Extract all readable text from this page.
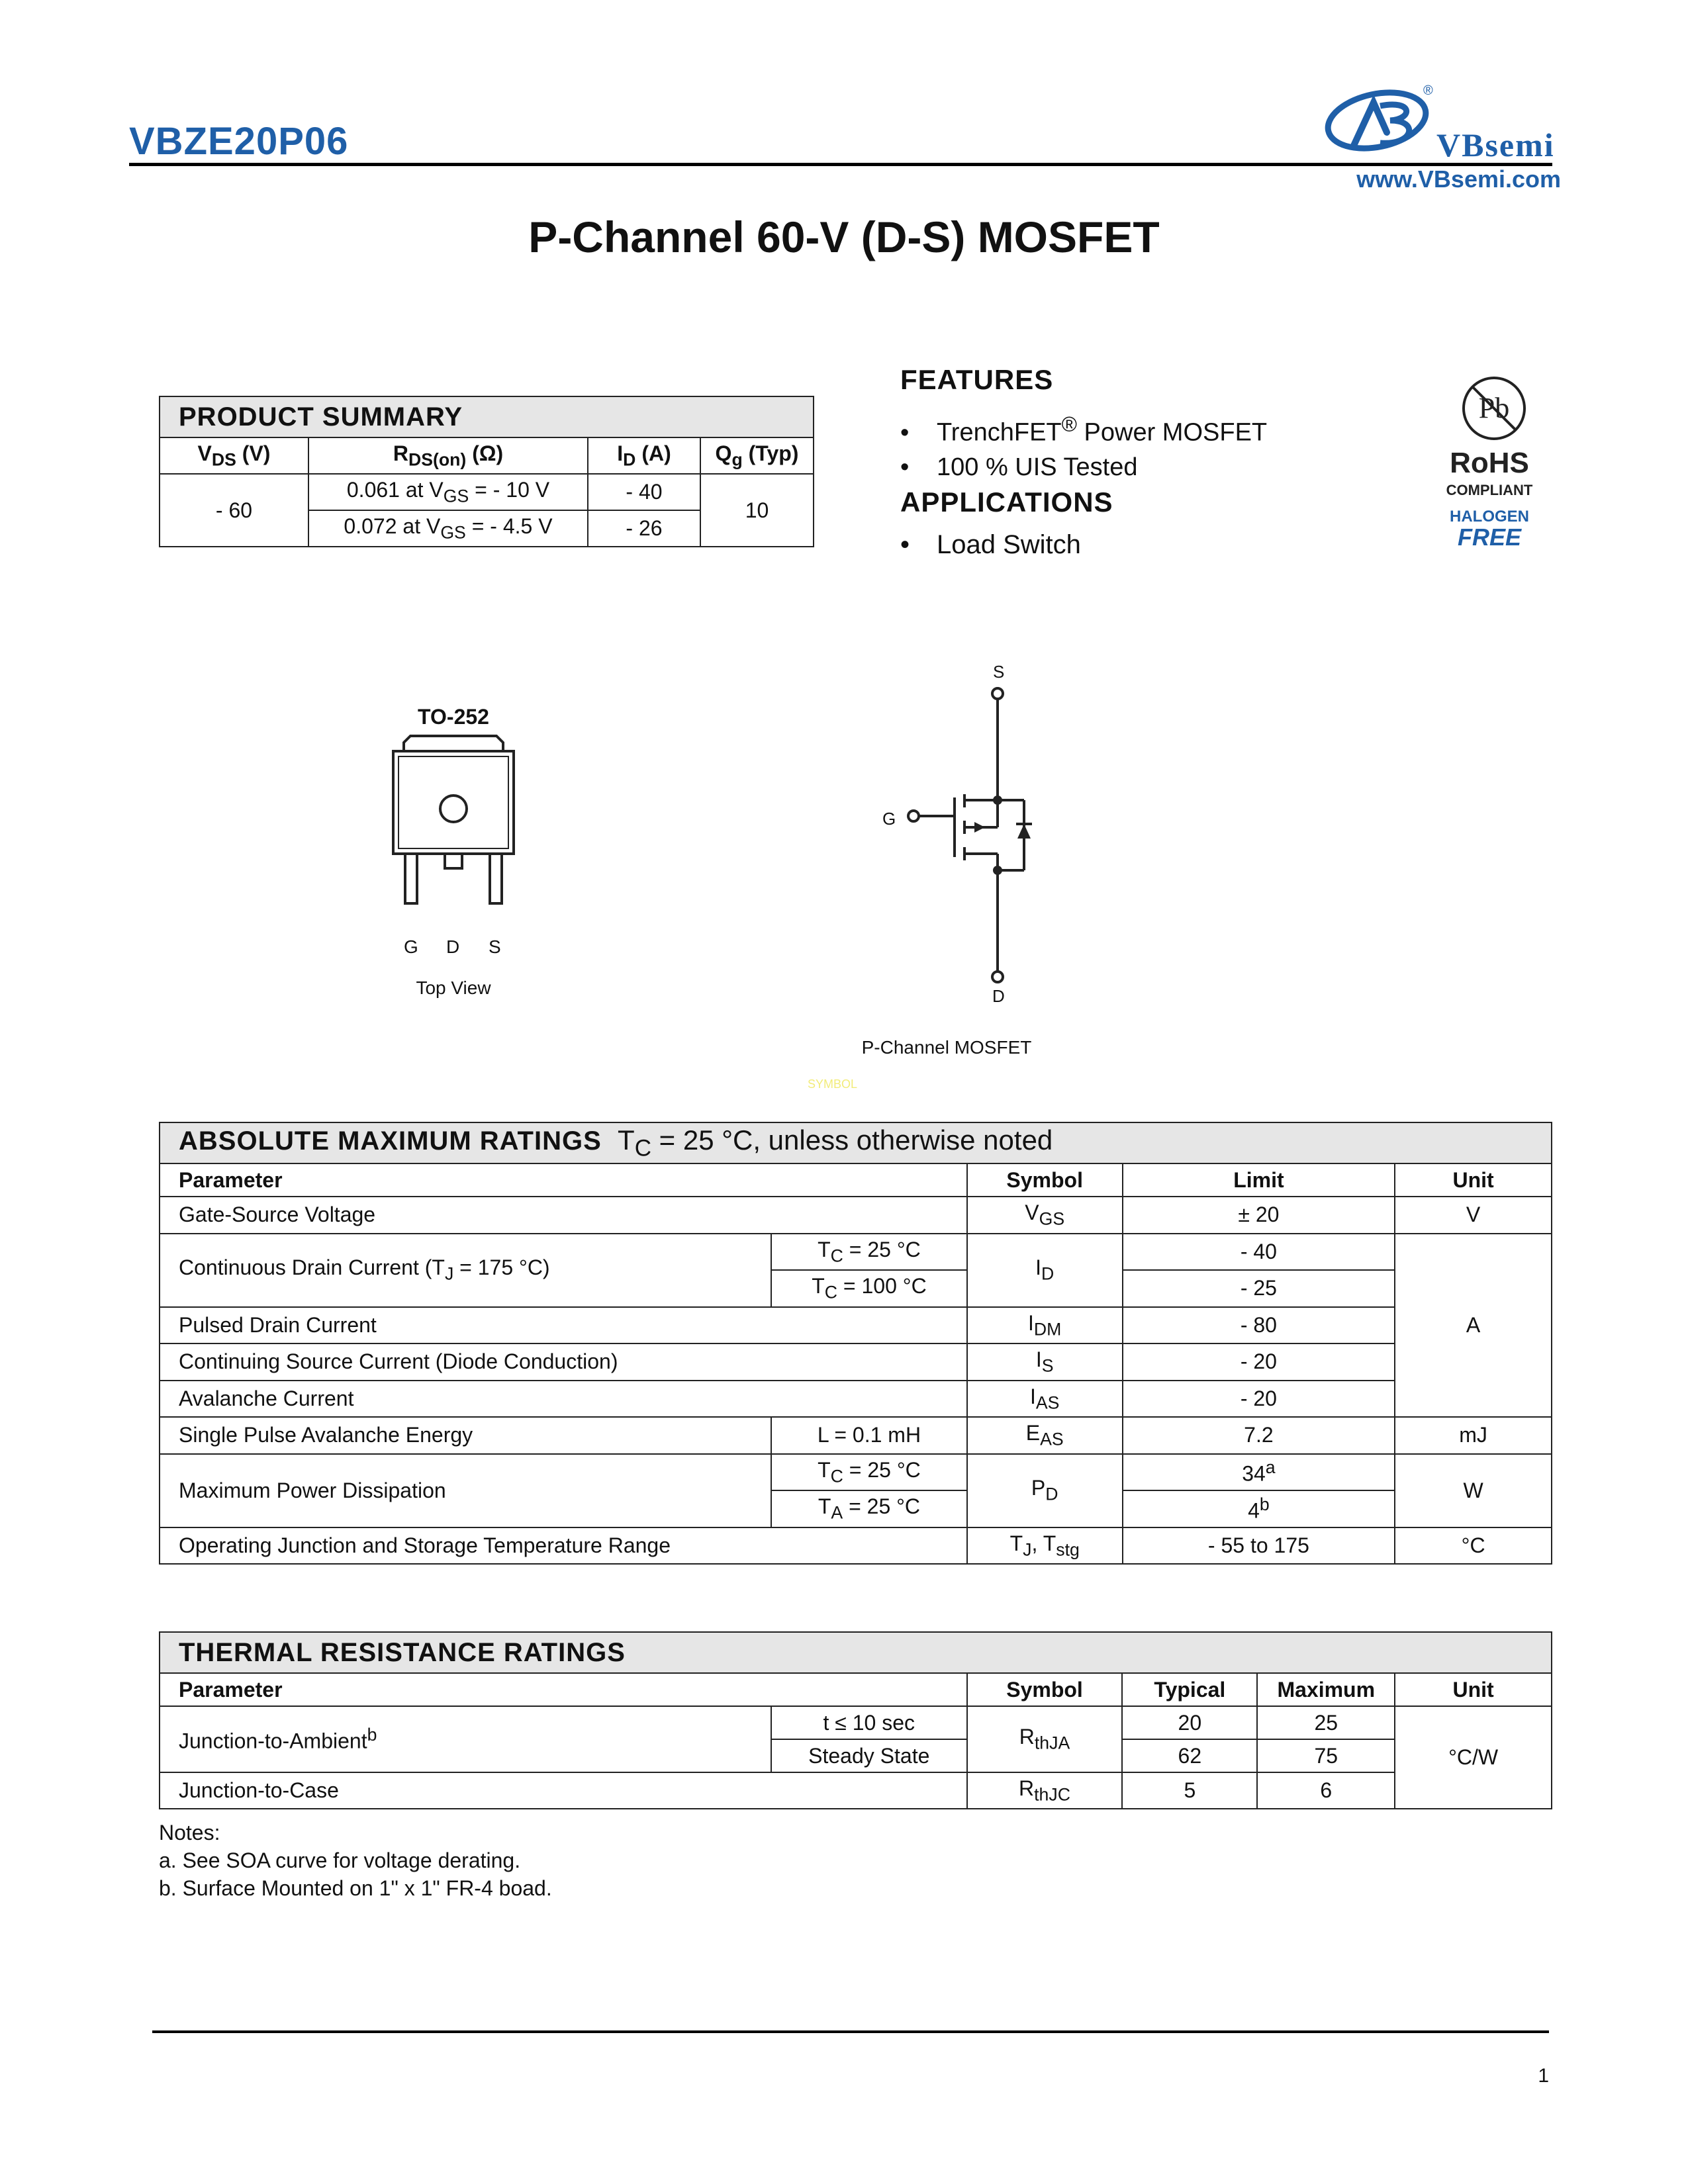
VBZE20P06
®
VBsemi
www.VBsemi.com
P-Channel 60-V (D-S) MOSFET
PRODUCT SUMMARY			
$V_{DS}$ (V)	$R_{DS(on)}$ (Ω)	$I_D$ (A)	$Q_g$ (Typ)
- 60	0.061 at $V_{GS}$ = - 10 V	- 40	10
	0.072 at $V_{GS}$ = - 4.5 V	- 26	
FEATURES
• TrenchFET® Power MOSFET
• 100 % UIS Tested
APPLICATIONS
• Load Switch
Pb
RoHS
COMPLIANT
HALOGEN
FREE
TO-252
G D S
Top View
S
G
D
P-Channel MOSFET
SYMBOL
ABSOLUTE MAXIMUM RATINGS $T_C = 25$ °C, unless otherwise noted				
Parameter		Symbol	Limit	Unit
Gate-Source Voltage		$V_{GS}$	± 20	V
Continuous Drain Current ($T_J = 175$ °C)	$T_C = 25$ °C	$I_D$	- 40	A
	$T_C = 100$ °C		- 25	
Pulsed Drain Current		$I_{DM}$	- 80	
Continuing Source Current (Diode Conduction)		$I_S$	- 20	
Avalanche Current		$I_{AS}$	- 20	
Single Pulse Avalanche Energy	L = 0.1 mH	$E_{AS}$	7.2	mJ
Maximum Power Dissipation	$T_C = 25$ °C	$P_D$	34$^a$	W
	$T_A = 25$ °C		4$^b$
Operating Junction and Storage Temperature Range		$T_J$, $T_{stg}$	- 55 to 175	°C
THERMAL RESISTANCE RATINGS					
Parameter		Symbol	Typical	Maximum	Unit
Junction-to-Ambient$^b$	t ≤ 10 sec	$R_{thJA}$	20	25	°C/W
	Steady State		62	75	
Junction-to-Case		$R_{thJC}$	5	6	
Notes:
a. See SOA curve for voltage derating.
b. Surface Mounted on 1" x 1" FR-4 boad.
1
